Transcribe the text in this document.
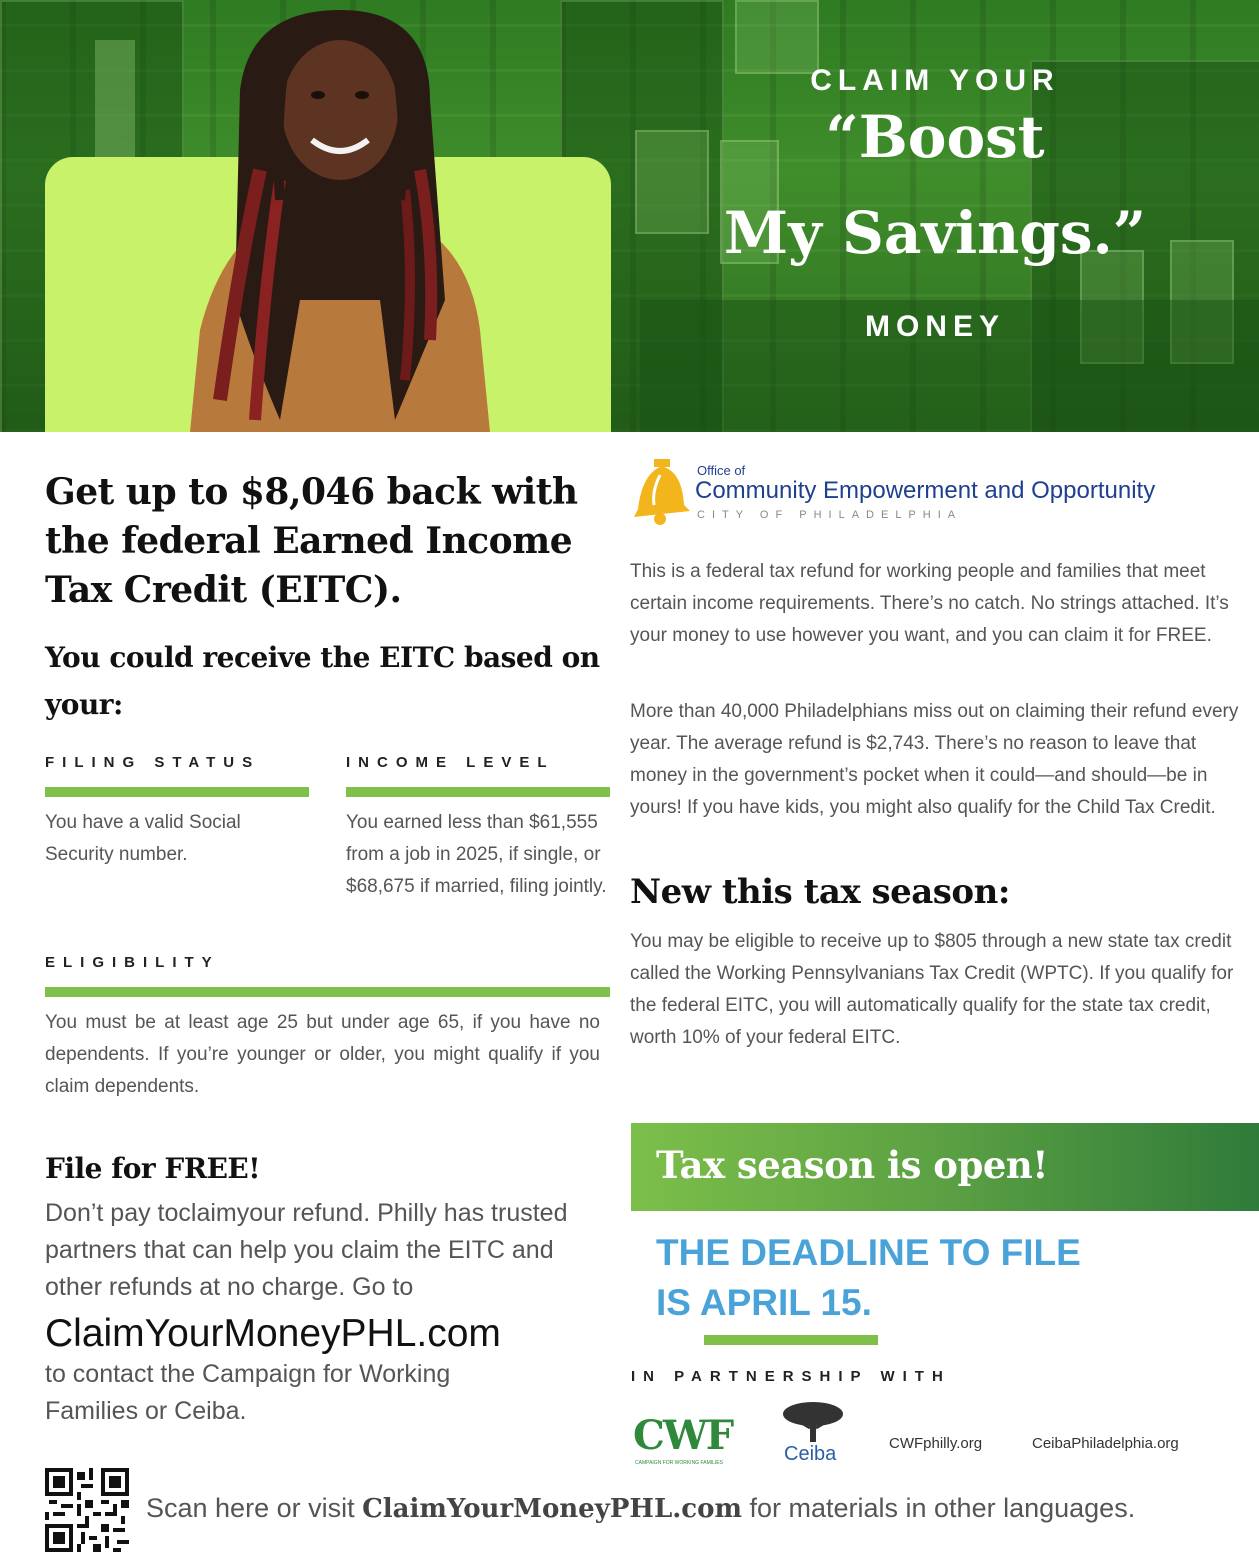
CLAIM YOUR
“Boost
My Savings.”
MONEY
Get up to $8,046 back with the federal Earned Income Tax Credit (EITC).

You could receive the EITC based on your:

FILING STATUS
You have a valid Social Security number.
INCOME LEVEL
You earned less than $61,555 from a job in 2025, if single, or $68,675 if married, filing jointly.
ELIGIBILITY
You must be at least age 25 but under age 65, if you have no dependents. If you’re younger or older, you might qualify if you claim dependents.
File for FREE!
Don’t pay toclaimyour refund. Philly has trusted partners that can help you claim the EITC and other refunds at no charge. Go to
ClaimYourMoneyPHL.com
to contact the Campaign for Working Families or Ceiba.
Office of
Community Empowerment and Opportunity
CITY OF PHILADELPHIA
This is a federal tax refund for working people and families that meet certain income requirements. There’s no catch. No strings attached. It’s your money to use however you want, and you can claim it for FREE.
More than 40,000 Philadelphians miss out on claiming their refund every year. The average refund is $2,743. There’s no reason to leave that money in the government’s pocket when it could—and should—be in yours! If you have kids, you might also qualify for the Child Tax Credit.
New this tax season:
You may be eligible to receive up to $805 through a new state tax credit called the Working Pennsylvanians Tax Credit (WPTC). If you qualify for the federal EITC, you will automatically qualify for the state tax credit, worth 10% of your federal EITC.
Tax season is open!
THE DEADLINE TO FILE
IS APRIL 15.
IN PARTNERSHIP WITH
CWF
CAMPAIGN FOR WORKING FAMILIES	Ceiba	CWFphilly.org	CeibaPhiladelphia.org
Scan here or visit ClaimYourMoneyPHL.com for materials in other languages.
